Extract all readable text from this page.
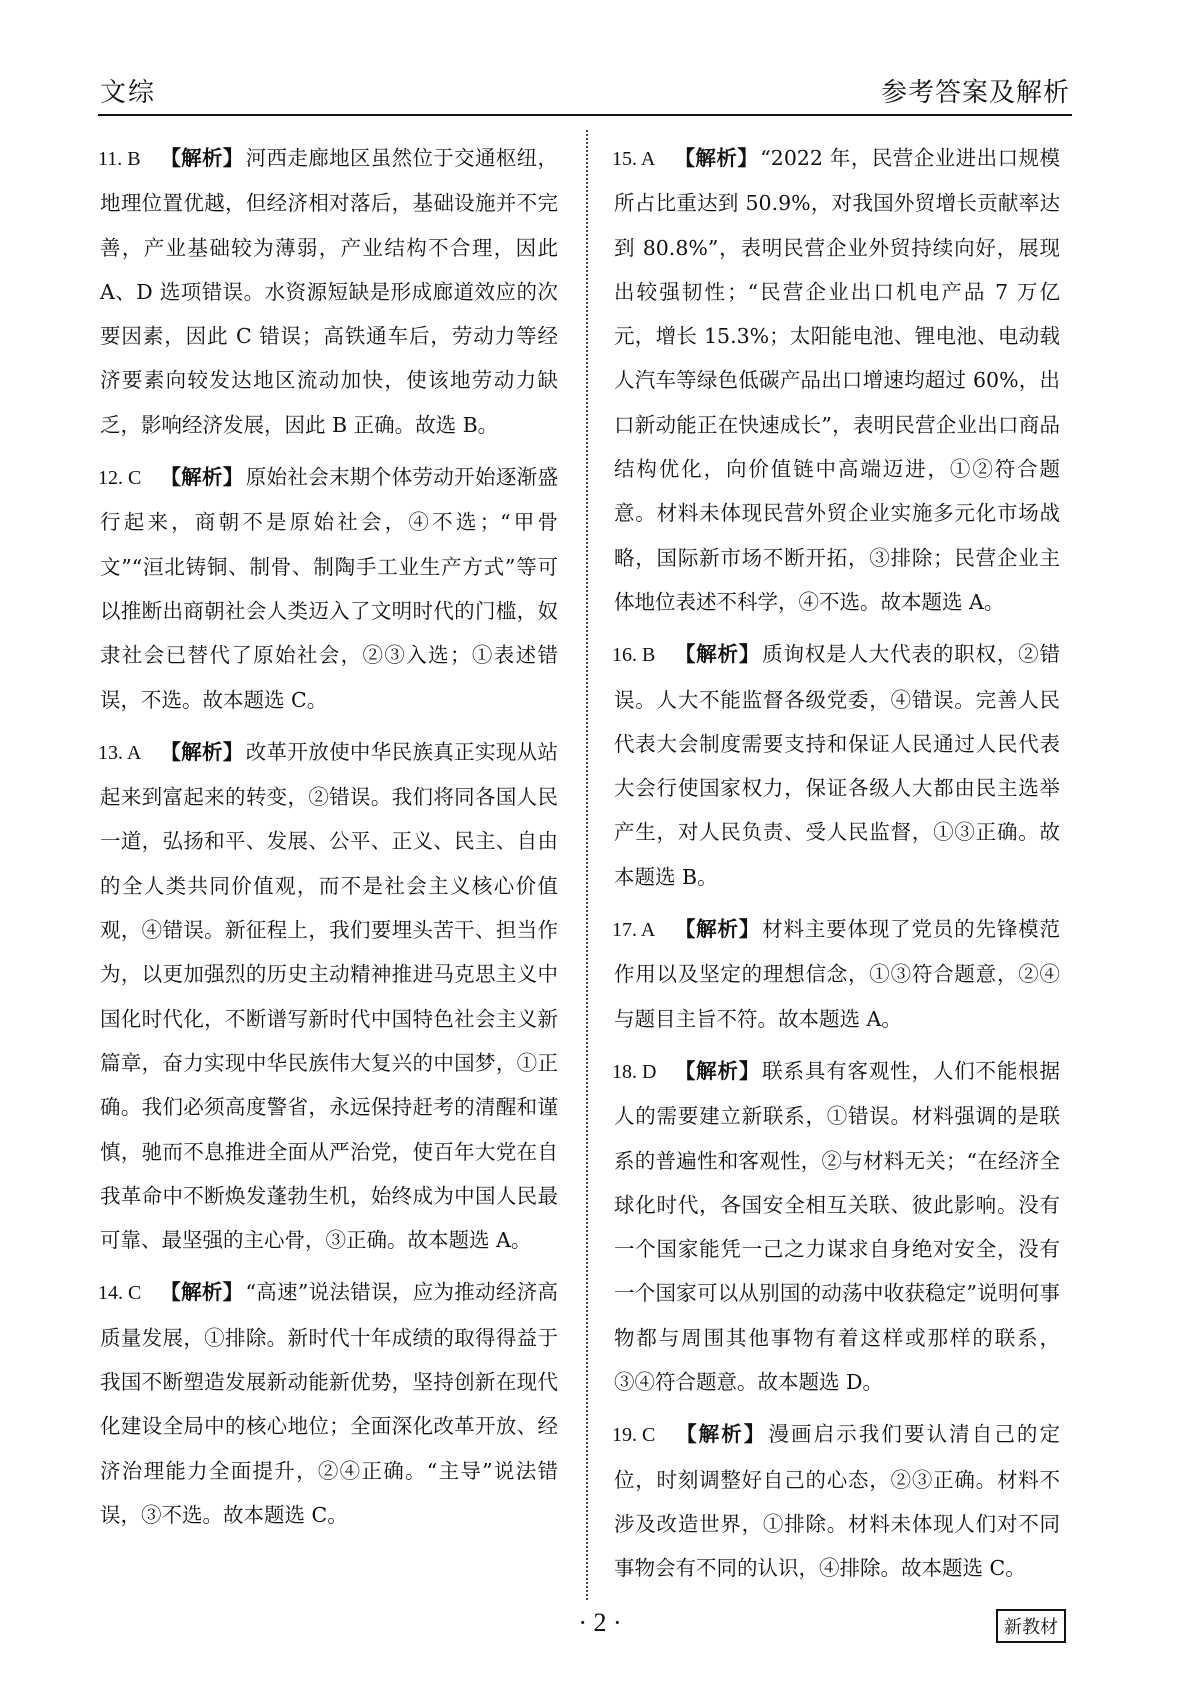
文综	参考答案及解析
11. B 【解析】河西走廊地区虽然位于交通枢纽，地理位置优越，但经济相对落后，基础设施并不完善，产业基础较为薄弱，产业结构不合理，因此 A、D 选项错误。水资源短缺是形成廊道效应的次要因素，因此 C 错误；高铁通车后，劳动力等经济要素向较发达地区流动加快，使该地劳动力缺乏，影响经济发展，因此 B 正确。故选 B。
12. C 【解析】原始社会末期个体劳动开始逐渐盛行起来，商朝不是原始社会，④不选；“甲骨文”“洹北铸铜、制骨、制陶手工业生产方式”等可以推断出商朝社会人类迈入了文明时代的门槛，奴隶社会已替代了原始社会，②③入选；①表述错误，不选。故本题选 C。
13. A 【解析】改革开放使中华民族真正实现从站起来到富起来的转变，②错误。我们将同各国人民一道，弘扬和平、发展、公平、正义、民主、自由的全人类共同价值观，而不是社会主义核心价值观，④错误。新征程上，我们要埋头苦干、担当作为，以更加强烈的历史主动精神推进马克思主义中国化时代化，不断谱写新时代中国特色社会主义新篇章，奋力实现中华民族伟大复兴的中国梦，①正确。我们必须高度警省，永远保持赶考的清醒和谨慎，驰而不息推进全面从严治党，使百年大党在自我革命中不断焕发蓬勃生机，始终成为中国人民最可靠、最坚强的主心骨，③正确。故本题选 A。
14. C 【解析】“高速”说法错误，应为推动经济高质量发展，①排除。新时代十年成绩的取得得益于我国不断塑造发展新动能新优势，坚持创新在现代化建设全局中的核心地位；全面深化改革开放、经济治理能力全面提升，②④正确。“主导”说法错误，③不选。故本题选 C。
15. A 【解析】“2022 年，民营企业进出口规模所占比重达到 50.9%，对我国外贸增长贡献率达到 80.8%”，表明民营企业外贸持续向好，展现出较强韧性；“民营企业出口机电产品 7 万亿元，增长 15.3%；太阳能电池、锂电池、电动载人汽车等绿色低碳产品出口增速均超过 60%，出口新动能正在快速成长”，表明民营企业出口商品结构优化，向价值链中高端迈进，①②符合题意。材料未体现民营外贸企业实施多元化市场战略，国际新市场不断开拓，③排除；民营企业主体地位表述不科学，④不选。故本题选 A。
16. B 【解析】质询权是人大代表的职权，②错误。人大不能监督各级党委，④错误。完善人民代表大会制度需要支持和保证人民通过人民代表大会行使国家权力，保证各级人大都由民主选举产生，对人民负责、受人民监督，①③正确。故本题选 B。
17. A 【解析】材料主要体现了党员的先锋模范作用以及坚定的理想信念，①③符合题意，②④与题目主旨不符。故本题选 A。
18. D 【解析】联系具有客观性，人们不能根据人的需要建立新联系，①错误。材料强调的是联系的普遍性和客观性，②与材料无关；“在经济全球化时代，各国安全相互关联、彼此影响。没有一个国家能凭一己之力谋求自身绝对安全，没有一个国家可以从别国的动荡中收获稳定”说明何事物都与周围其他事物有着这样或那样的联系，③④符合题意。故本题选 D。
19. C 【解析】漫画启示我们要认清自己的定位，时刻调整好自己的心态，②③正确。材料不涉及改造世界，①排除。材料未体现人们对不同事物会有不同的认识，④排除。故本题选 C。
· 2 ·	新教材
